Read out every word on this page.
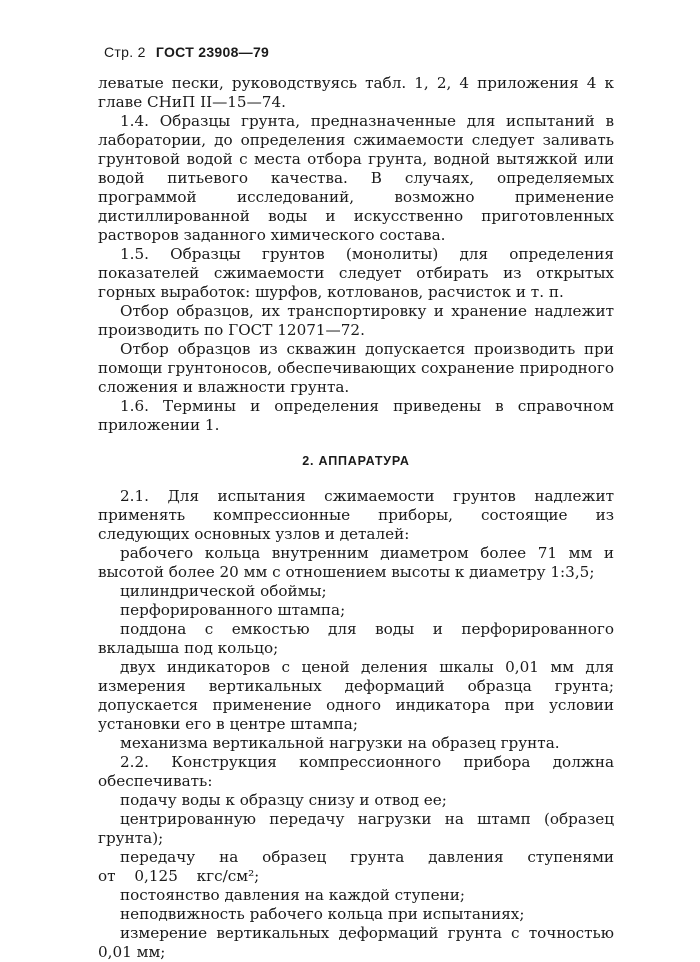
Стр. 2 ГОСТ 23908—79

леватые пески, руководствуясь табл. 1, 2, 4 приложения 4 к главе СНиП II—15—74.

1.4. Образцы грунта, предназначенные для испытаний в лаборатории, до определения сжимаемости следует заливать грунтовой водой с места отбора грунта, водной вытяжкой или водой питьевого качества. В случаях, определяемых программой исследований, возможно применение дистиллированной воды и искусственно приготовленных растворов заданного химического состава.

1.5. Образцы грунтов (монолиты) для определения показателей сжимаемости следует отбирать из открытых горных выработок: шурфов, котлованов, расчисток и т. п.

Отбор образцов, их транспортировку и хранение надлежит производить по ГОСТ 12071—72.

Отбор образцов из скважин допускается производить при помощи грунтоносов, обеспечивающих сохранение природного сложения и влажности грунта.

1.6. Термины и определения приведены в справочном приложении 1.

2. АППАРАТУРА

2.1. Для испытания сжимаемости грунтов надлежит применять компрессионные приборы, состоящие из следующих основных узлов и деталей:

рабочего кольца внутренним диаметром более 71 мм и высотой более 20 мм с отношением высоты к диаметру 1:3,5;

цилиндрической обоймы;

перфорированного штампа;

поддона с емкостью для воды и перфорированного вкладыша под кольцо;

двух индикаторов с ценой деления шкалы 0,01 мм для измерения вертикальных деформаций образца грунта; допускается применение одного индикатора при условии установки его в центре штампа;

механизма вертикальной нагрузки на образец грунта.

2.2. Конструкция компрессионного прибора должна обеспечивать:

подачу воды к образцу снизу и отвод ее;

центрированную передачу нагрузки на штамп (образец грунта);

передачу на образец грунта давления ступенями от 0,125 кгс/см²;

постоянство давления на каждой ступени;

неподвижность рабочего кольца при испытаниях;

измерение вертикальных деформаций грунта с точностью 0,01 мм;
